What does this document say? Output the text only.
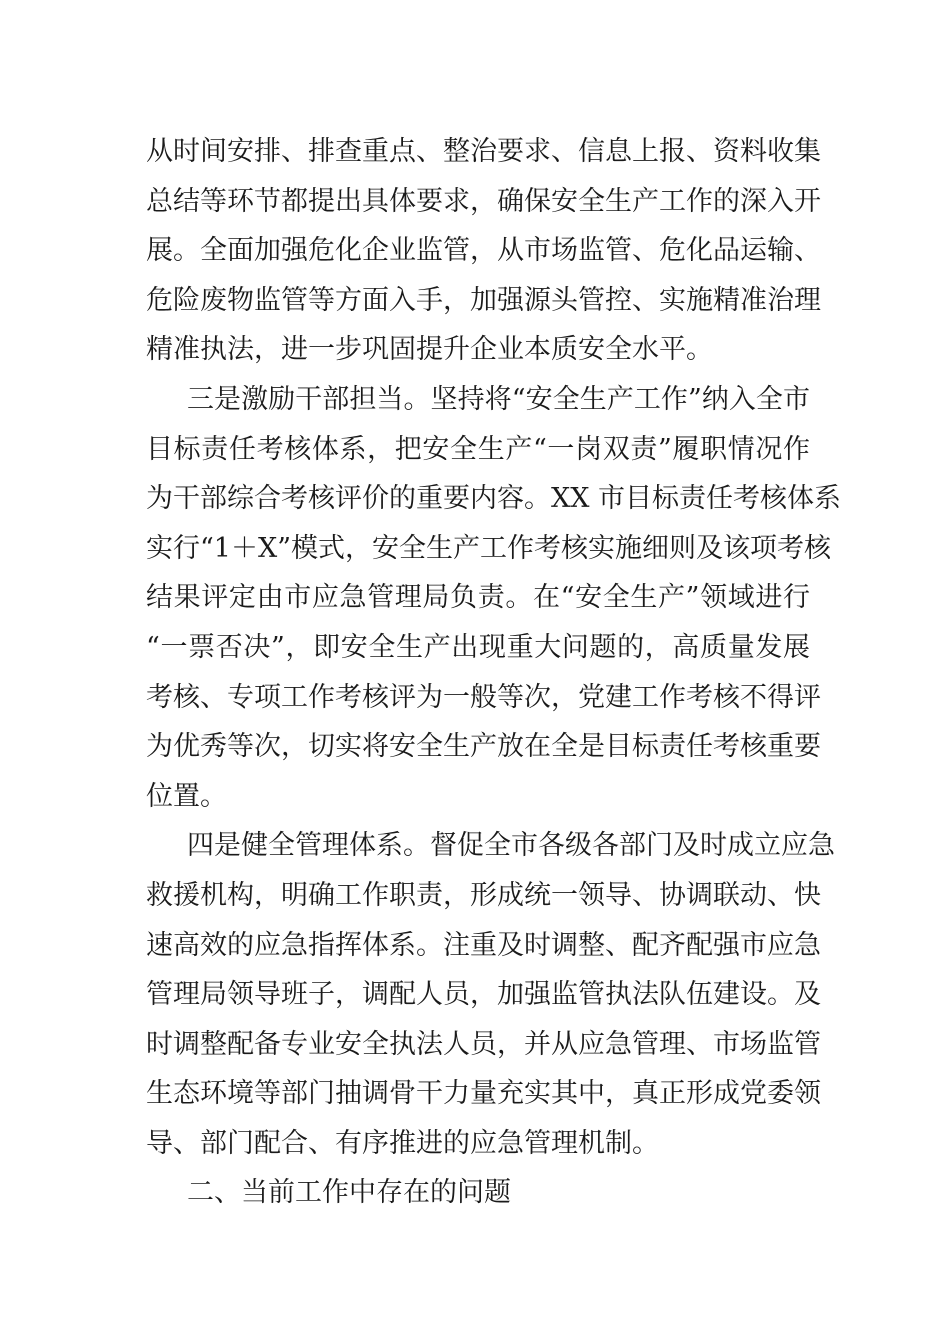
从时间安排、排查重点、整治要求、信息上报、资料收集
总结等环节都提出具体要求，确保安全生产工作的深入开
展。全面加强危化企业监管，从市场监管、危化品运输、
危险废物监管等方面入手，加强源头管控、实施精准治理
精准执法，进一步巩固提升企业本质安全水平。
三是激励干部担当。坚持将“安全生产工作”纳入全市
目标责任考核体系，把安全生产“一岗双责”履职情况作
为干部综合考核评价的重要内容。XX 市目标责任考核体系
实行“1＋X”模式，安全生产工作考核实施细则及该项考核
结果评定由市应急管理局负责。在“安全生产”领域进行
“一票否决”，即安全生产出现重大问题的，高质量发展
考核、专项工作考核评为一般等次，党建工作考核不得评
为优秀等次，切实将安全生产放在全是目标责任考核重要
位置。
四是健全管理体系。督促全市各级各部门及时成立应急
救援机构，明确工作职责，形成统一领导、协调联动、快
速高效的应急指挥体系。注重及时调整、配齐配强市应急
管理局领导班子，调配人员，加强监管执法队伍建设。及
时调整配备专业安全执法人员，并从应急管理、市场监管
生态环境等部门抽调骨干力量充实其中，真正形成党委领
导、部门配合、有序推进的应急管理机制。
二、当前工作中存在的问题
